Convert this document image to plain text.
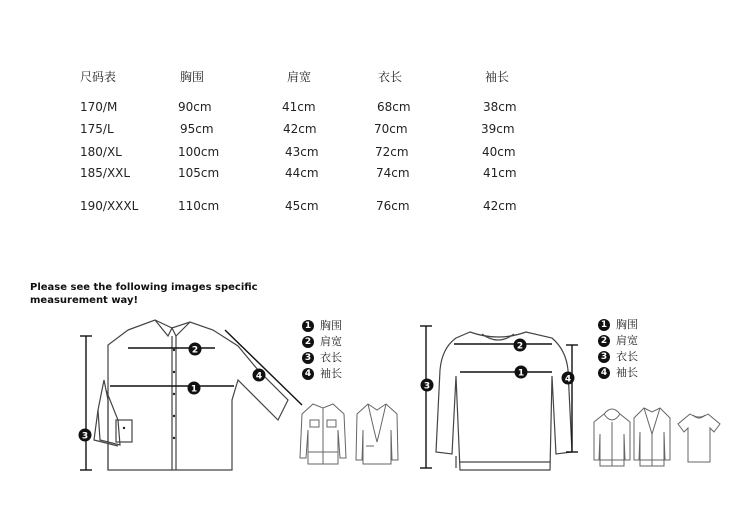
尺码表	胸围	肩宽	衣长	袖长
170/M	90cm	41cm	68cm	38cm
175/L	95cm	42cm	70cm	39cm
180/XL	100cm	43cm	72cm	40cm
185/XXL	105cm	44cm	74cm	41cm
190/XXXL	110cm	45cm	76cm	42cm
Please see the following images specific
measurement way!
1
2
3
4
1 胸围
2 肩宽
3 衣长
4 袖长	1
2
3
4
1 胸围
2 肩宽
3 衣长
4 袖长
